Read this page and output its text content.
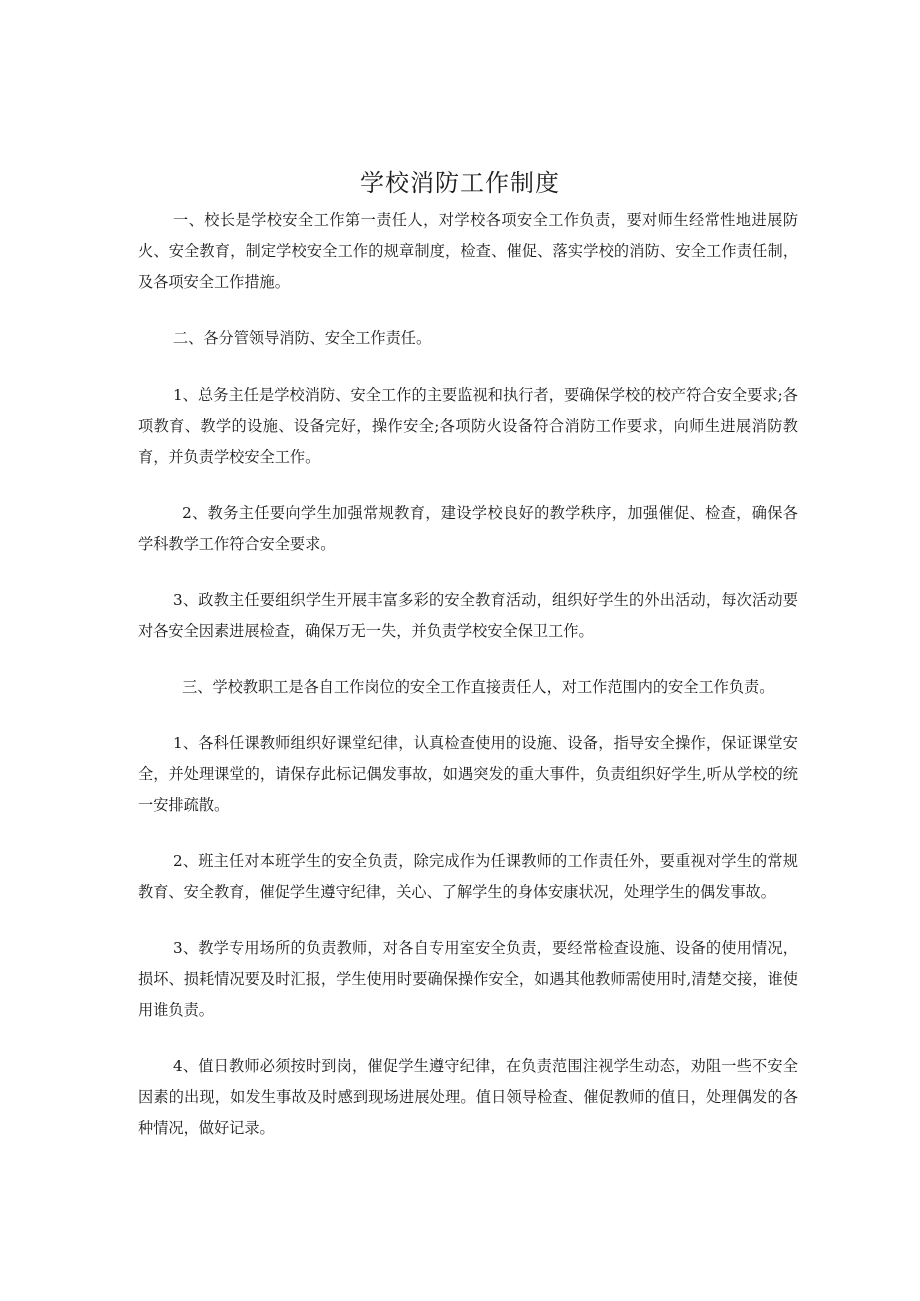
学校消防工作制度

一、校长是学校安全工作第一责任人，对学校各项安全工作负责，要对师生经常性地进展防火、安全教育，制定学校安全工作的规章制度，检查、催促、落实学校的消防、安全工作责任制，及各项安全工作措施。

二、各分管领导消防、安全工作责任。

1、总务主任是学校消防、安全工作的主要监视和执行者，要确保学校的校产符合安全要求;各项教育、教学的设施、设备完好，操作安全;各项防火设备符合消防工作要求，向师生进展消防教育，并负责学校安全工作。

2、教务主任要向学生加强常规教育，建设学校良好的教学秩序，加强催促、检查，确保各学科教学工作符合安全要求。

3、政教主任要组织学生开展丰富多彩的安全教育活动，组织好学生的外出活动，每次活动要对各安全因素进展检查，确保万无一失，并负责学校安全保卫工作。

三、学校教职工是各自工作岗位的安全工作直接责任人，对工作范围内的安全工作负责。

1、各科任课教师组织好课堂纪律，认真检查使用的设施、设备，指导安全操作，保证课堂安全，并处理课堂的，请保存此标记偶发事故，如遇突发的重大事件，负责组织好学生,听从学校的统一安排疏散。

2、班主任对本班学生的安全负责，除完成作为任课教师的工作责任外，要重视对学生的常规教育、安全教育，催促学生遵守纪律，关心、了解学生的身体安康状况，处理学生的偶发事故。

3、教学专用场所的负责教师，对各自专用室安全负责，要经常检查设施、设备的使用情况，损坏、损耗情况要及时汇报，学生使用时要确保操作安全，如遇其他教师需使用时,清楚交接，谁使用谁负责。

4、值日教师必须按时到岗，催促学生遵守纪律，在负责范围注视学生动态，劝阻一些不安全因素的出现，如发生事故及时感到现场进展处理。值日领导检查、催促教师的值日，处理偶发的各种情况，做好记录。
